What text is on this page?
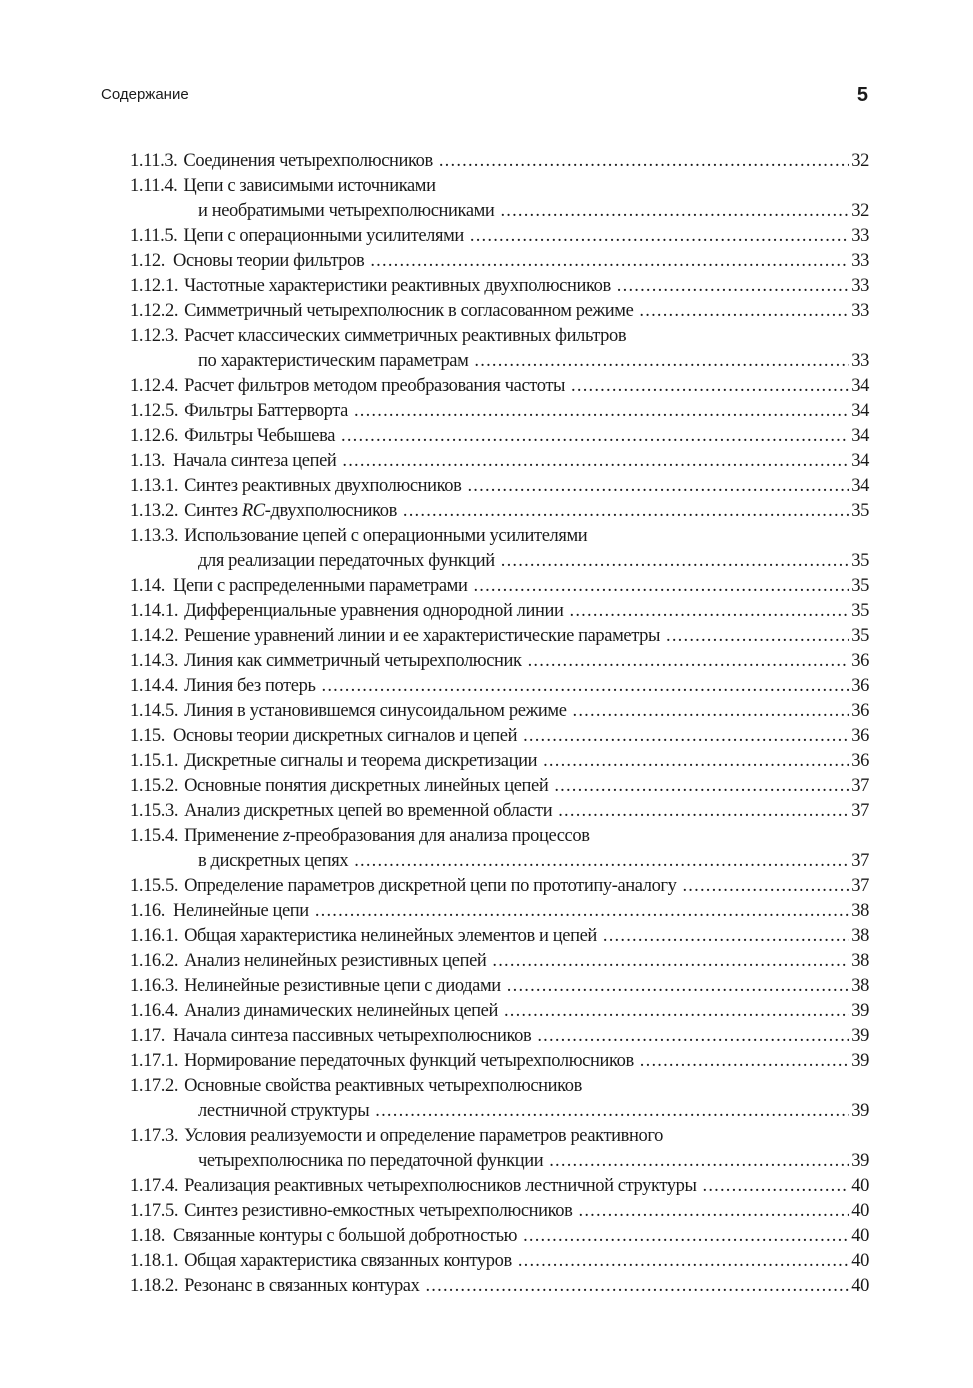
Содержание	5
1.11.3. Соединения четырехполюсников .....	32
1.11.4. Цепи с зависимыми источниками
и необратимыми четырехполюсниками .....	32
1.11.5. Цепи с операционными усилителями .....	33
1.12. Основы теории фильтров .....	33
1.12.1. Частотные характеристики реактивных двухполюсников .....	33
1.12.2. Симметричный четырехполюсник в согласованном режиме .....	33
1.12.3. Расчет классических симметричных реактивных фильтров
по характеристическим параметрам .....	33
1.12.4. Расчет фильтров методом преобразования частоты .....	34
1.12.5. Фильтры Баттерворта .....	34
1.12.6. Фильтры Чебышева .....	34
1.13. Начала синтеза цепей .....	34
1.13.1. Синтез реактивных двухполюсников .....	34
1.13.2. Синтез RC-двухполюсников .....	35
1.13.3. Использование цепей с операционными усилителями
для реализации передаточных функций .....	35
1.14. Цепи с распределенными параметрами .....	35
1.14.1. Дифференциальные уравнения однородной линии .....	35
1.14.2. Решение уравнений линии и ее характеристические параметры .....	35
1.14.3. Линия как симметричный четырехполюсник .....	36
1.14.4. Линия без потерь .....	36
1.14.5. Линия в установившемся синусоидальном режиме .....	36
1.15. Основы теории дискретных сигналов и цепей .....	36
1.15.1. Дискретные сигналы и теорема дискретизации .....	36
1.15.2. Основные понятия дискретных линейных цепей .....	37
1.15.3. Анализ дискретных цепей во временной области .....	37
1.15.4. Применение z-преобразования для анализа процессов
в дискретных цепях .....	37
1.15.5. Определение параметров дискретной цепи по прототипу-аналогу .....	37
1.16. Нелинейные цепи .....	38
1.16.1. Общая характеристика нелинейных элементов и цепей .....	38
1.16.2. Анализ нелинейных резистивных цепей .....	38
1.16.3. Нелинейные резистивные цепи с диодами .....	38
1.16.4. Анализ динамических нелинейных цепей .....	39
1.17. Начала синтеза пассивных четырехполюсников .....	39
1.17.1. Нормирование передаточных функций четырехполюсников .....	39
1.17.2. Основные свойства реактивных четырехполюсников
лестничной структуры .....	39
1.17.3. Условия реализуемости и определение параметров реактивного
четырехполюсника по передаточной функции .....	39
1.17.4. Реализация реактивных четырехполюсников лестничной структуры .....	40
1.17.5. Синтез резистивно-емкостных четырехполюсников .....	40
1.18. Связанные контуры с большой добротностью .....	40
1.18.1. Общая характеристика связанных контуров .....	40
1.18.2. Резонанс в связанных контурах .....	40
